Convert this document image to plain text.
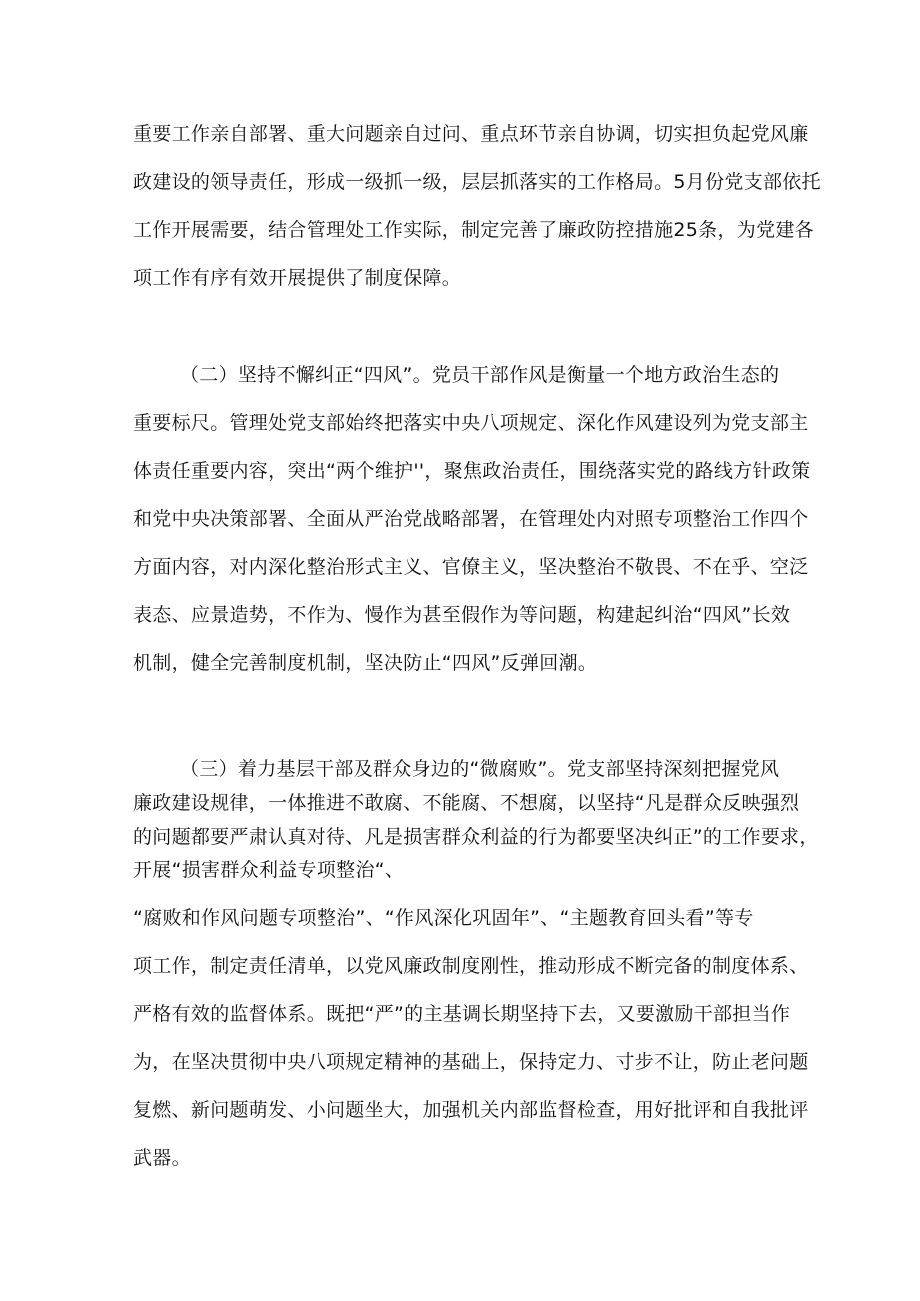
重要工作亲自部署、重大问题亲自过问、重点环节亲自协调，切实担负起党风廉
政建设的领导责任，形成一级抓一级，层层抓落实的工作格局。5月份党支部依托
工作开展需要，结合管理处工作实际，制定完善了廉政防控措施25条，为党建各
项工作有序有效开展提供了制度保障。
（二）坚持不懈纠正“四风”。党员干部作风是衡量一个地方政治生态的
重要标尺。管理处党支部始终把落实中央八项规定、深化作风建设列为党支部主
体责任重要内容，突出“两个维护''，聚焦政治责任，围绕落实党的路线方针政策
和党中央决策部署、全面从严治党战略部署，在管理处内对照专项整治工作四个
方面内容，对内深化整治形式主义、官僚主义，坚决整治不敬畏、不在乎、空泛
表态、应景造势，不作为、慢作为甚至假作为等问题，构建起纠治“四风”长效
机制，健全完善制度机制，坚决防止“四风”反弹回潮。
（三）着力基层干部及群众身边的“微腐败”。党支部坚持深刻把握党风
廉政建设规律，一体推进不敢腐、不能腐、不想腐，以坚持“凡是群众反映强烈
的问题都要严肃认真对待、凡是损害群众利益的行为都要坚决纠正”的工作要求，
开展“损害群众利益专项整治“、
“腐败和作风问题专项整治”、“作风深化巩固年”、“主题教育回头看”等专
项工作，制定责任清单，以党风廉政制度刚性，推动形成不断完备的制度体系、
严格有效的监督体系。既把“严”的主基调长期坚持下去，又要激励干部担当作
为，在坚决贯彻中央八项规定精神的基础上，保持定力、寸步不让，防止老问题
复燃、新问题萌发、小问题坐大，加强机关内部监督检查，用好批评和自我批评
武器。
